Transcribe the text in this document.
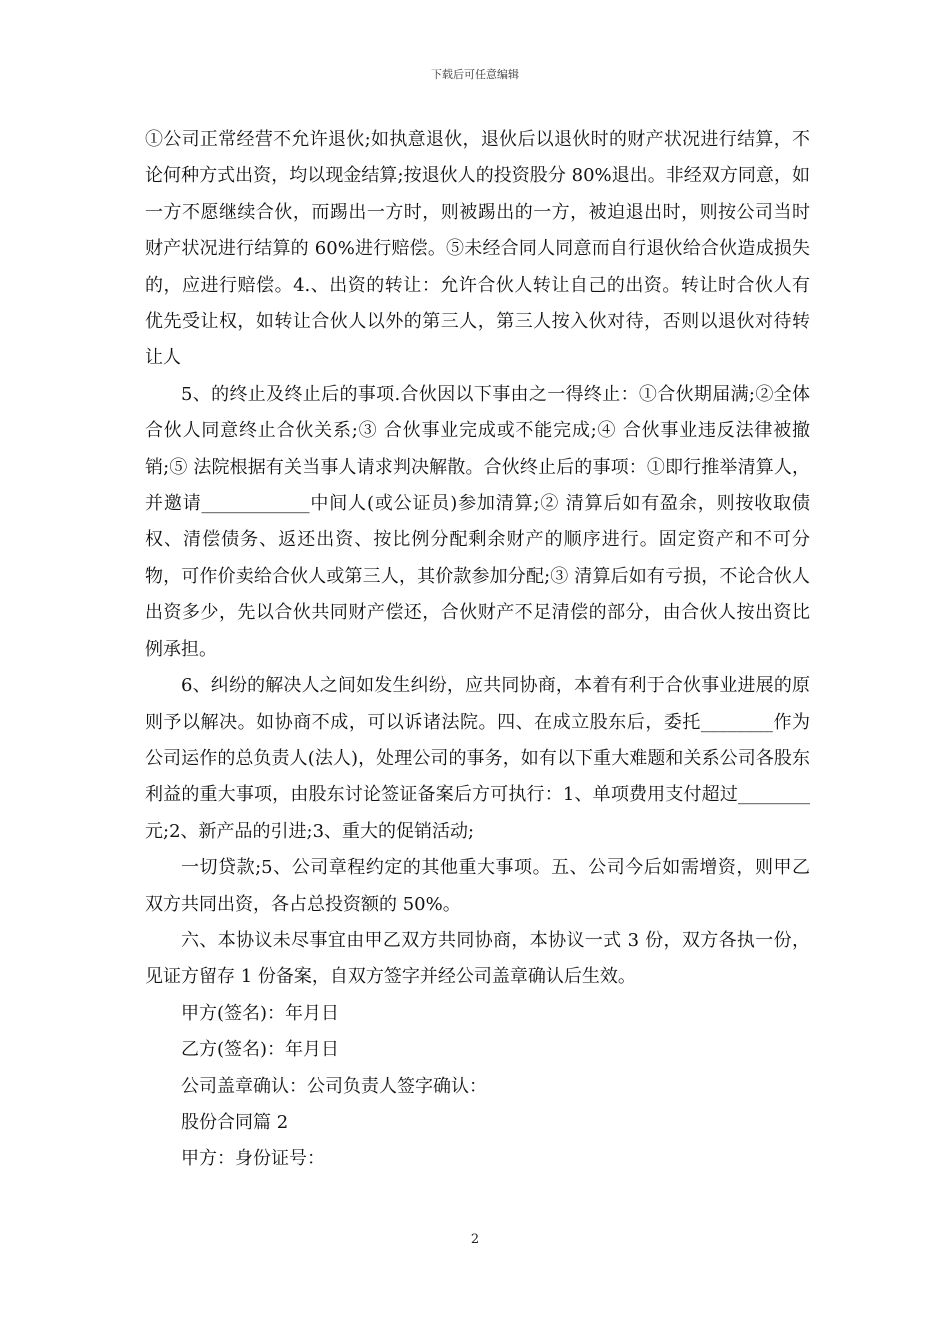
下载后可任意编辑

①公司正常经营不允许退伙;如执意退伙，退伙后以退伙时的财产状况进行结算，不论何种方式出资，均以现金结算;按退伙人的投资股分 80%退出。非经双方同意，如一方不愿继续合伙，而踢出一方时，则被踢出的一方，被迫退出时，则按公司当时财产状况进行结算的 60%进行赔偿。⑤未经合同人同意而自行退伙给合伙造成损失的，应进行赔偿。4.、出资的转让：允许合伙人转让自己的出资。转让时合伙人有优先受让权，如转让合伙人以外的第三人，第三人按入伙对待，否则以退伙对待转让人

5、的终止及终止后的事项.合伙因以下事由之一得终止：①合伙期届满;②全体合伙人同意终止合伙关系;③ 合伙事业完成或不能完成;④ 合伙事业违反法律被撤销;⑤ 法院根据有关当事人请求判决解散。合伙终止后的事项：①即行推举清算人，并邀请____________中间人(或公证员)参加清算;② 清算后如有盈余，则按收取债权、清偿债务、返还出资、按比例分配剩余财产的顺序进行。固定资产和不可分物，可作价卖给合伙人或第三人，其价款参加分配;③ 清算后如有亏损，不论合伙人出资多少，先以合伙共同财产偿还，合伙财产不足清偿的部分，由合伙人按出资比例承担。

6、纠纷的解决人之间如发生纠纷，应共同协商，本着有利于合伙事业进展的原则予以解决。如协商不成，可以诉诸法院。四、在成立股东后，委托________作为公司运作的总负责人(法人)，处理公司的事务，如有以下重大难题和关系公司各股东利益的重大事项，由股东讨论签证备案后方可执行：1、单项费用支付超过________元;2、新产品的引进;3、重大的促销活动;

一切贷款;5、公司章程约定的其他重大事项。五、公司今后如需增资，则甲乙双方共同出资，各占总投资额的 50%。

六、本协议未尽事宜由甲乙双方共同协商，本协议一式 3 份，双方各执一份，见证方留存 1 份备案，自双方签字并经公司盖章确认后生效。

甲方(签名)：年月日

乙方(签名)：年月日

公司盖章确认：公司负责人签字确认：

股份合同篇 2

甲方：身份证号：

2
